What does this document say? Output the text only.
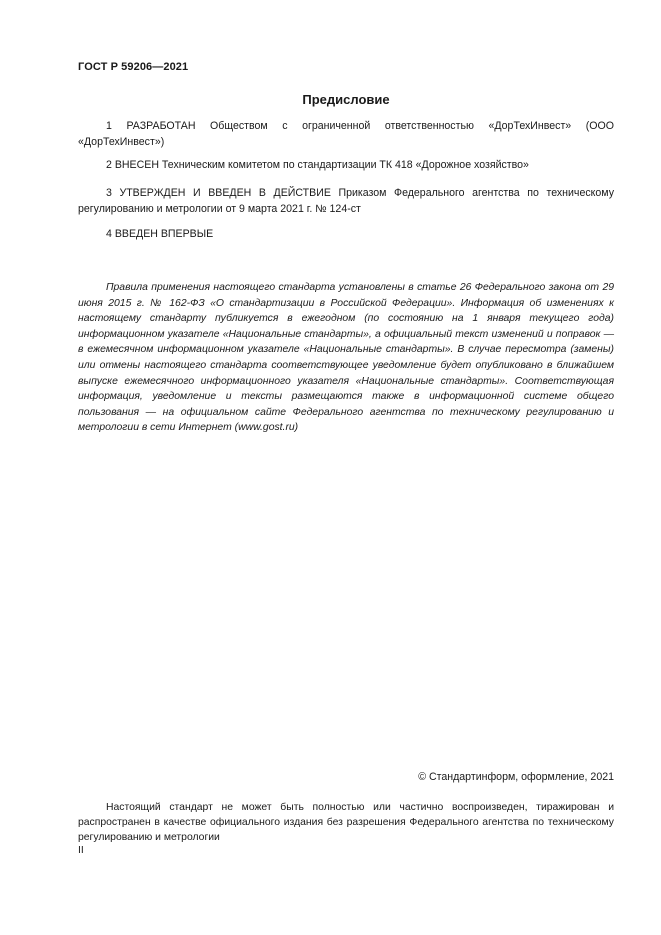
ГОСТ Р 59206—2021
Предисловие

1 РАЗРАБОТАН Обществом с ограниченной ответственностью «ДорТехИнвест» (ООО «ДорТехИнвест»)

2 ВНЕСЕН Техническим комитетом по стандартизации ТК 418 «Дорожное хозяйство»

3 УТВЕРЖДЕН И ВВЕДЕН В ДЕЙСТВИЕ Приказом Федерального агентства по техническому регулированию и метрологии от 9 марта 2021 г. № 124-ст

4 ВВЕДЕН ВПЕРВЫЕ

Правила применения настоящего стандарта установлены в статье 26 Федерального закона от 29 июня 2015 г. № 162-ФЗ «О стандартизации в Российской Федерации». Информация об изменениях к настоящему стандарту публикуется в ежегодном (по состоянию на 1 января текущего года) информационном указателе «Национальные стандарты», а официальный текст изменений и поправок — в ежемесячном информационном указателе «Национальные стандарты». В случае пересмотра (замены) или отмены настоящего стандарта соответствующее уведомление будет опубликовано в ближайшем выпуске ежемесячного информационного указателя «Национальные стандарты». Соответствующая информация, уведомление и тексты размещаются также в информационной системе общего пользования — на официальном сайте Федерального агентства по техническому регулированию и метрологии в сети Интернет (www.gost.ru)

© Стандартинформ, оформление, 2021

Настоящий стандарт не может быть полностью или частично воспроизведен, тиражирован и распространен в качестве официального издания без разрешения Федерального агентства по техническому регулированию и метрологии

II
